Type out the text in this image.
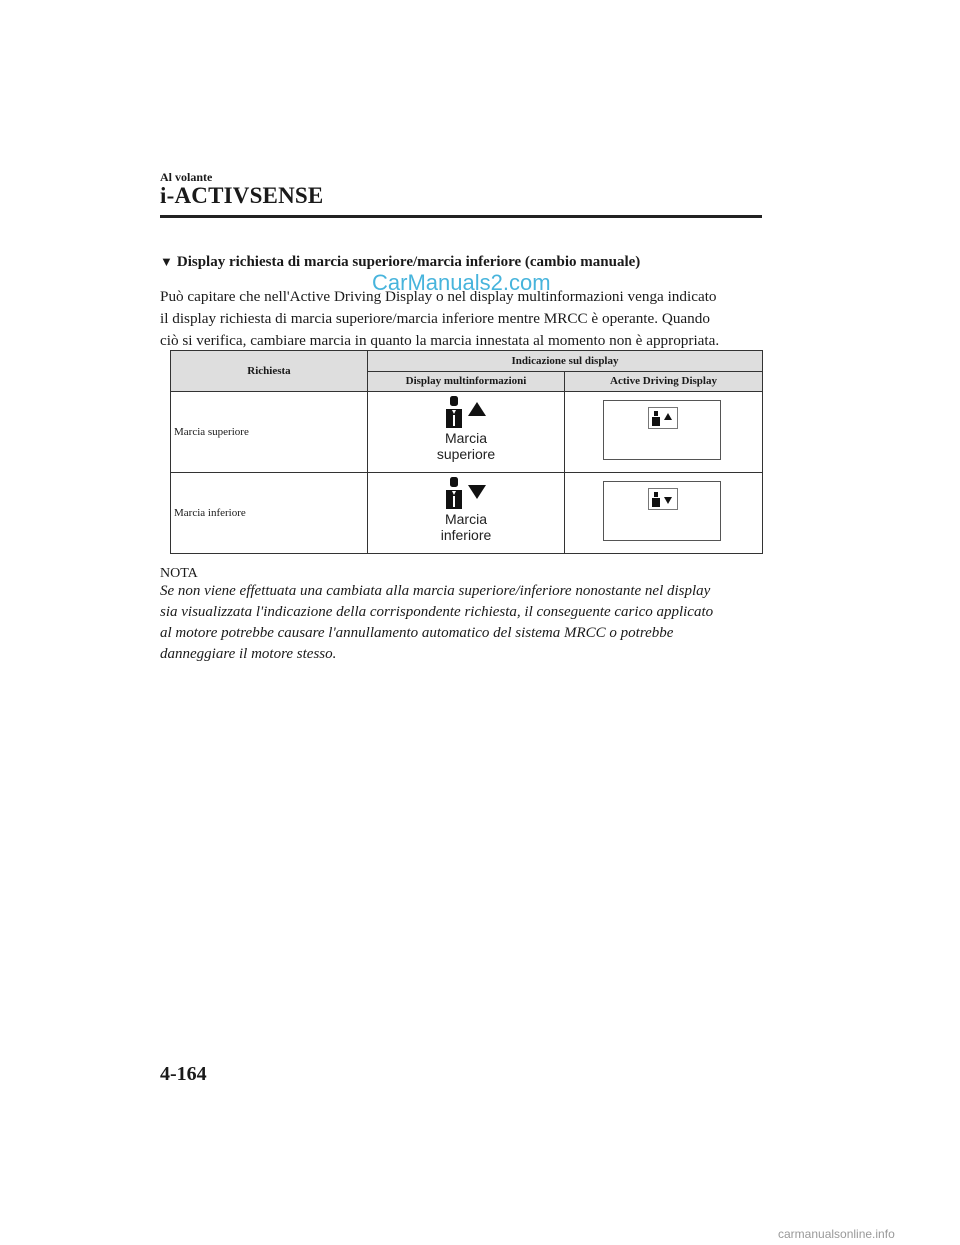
Al volante
i-ACTIVSENSE
▼ Display richiesta di marcia superiore/marcia inferiore (cambio manuale)
CarManuals2.com

Può capitare che nell'Active Driving Display o nel display multinformazioni venga indicato

il display richiesta di marcia superiore/marcia inferiore mentre MRCC è operante. Quando

ciò si verifica, cambiare marcia in quanto la marcia innestata al momento non è appropriata.

Richiesta	Indicazione sul display	
	Display multinformazioni	Active Driving Display
Marcia superiore	Marcia
superiore

Marcia inferiore	Marcia
inferiore

NOTA

Se non viene effettuata una cambiata alla marcia superiore/inferiore nonostante nel display

sia visualizzata l'indicazione della corrispondente richiesta, il conseguente carico applicato

al motore potrebbe causare l'annullamento automatico del sistema MRCC o potrebbe

danneggiare il motore stesso.

4-164
carmanualsonline.info
